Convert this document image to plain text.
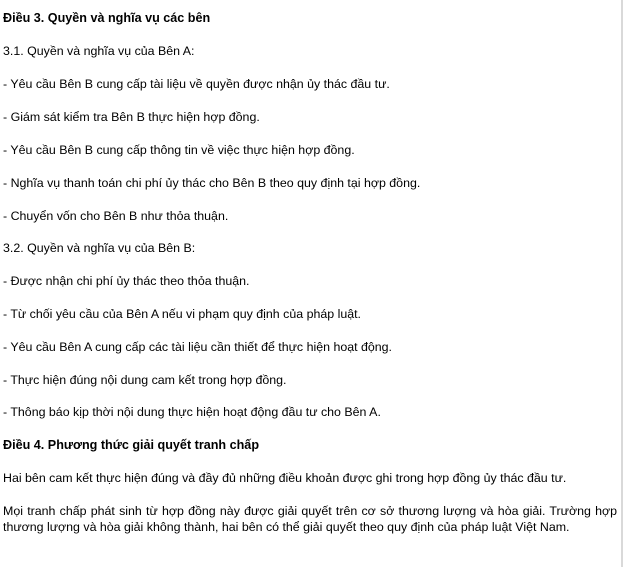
Điều 3. Quyền và nghĩa vụ các bên
3.1. Quyền và nghĩa vụ của Bên A:
- Yêu cầu Bên B cung cấp tài liệu về quyền được nhận ủy thác đầu tư.
- Giám sát kiểm tra Bên B thực hiện hợp đồng.
- Yêu cầu Bên B cung cấp thông tin về việc thực hiện hợp đồng.
- Nghĩa vụ thanh toán chi phí ủy thác cho Bên B theo quy định tại hợp đồng.
- Chuyển vốn cho Bên B như thỏa thuận.
3.2. Quyền và nghĩa vụ của Bên B:
- Được nhận chi phí ủy thác theo thỏa thuận.
- Từ chối yêu cầu của Bên A nếu vi phạm quy định của pháp luật.
- Yêu cầu Bên A cung cấp các tài liệu cần thiết để thực hiện hoạt động.
- Thực hiện đúng nội dung cam kết trong hợp đồng.
- Thông báo kịp thời nội dung thực hiện hoạt động đầu tư cho Bên A.
Điều 4. Phương thức giải quyết tranh chấp

Hai bên cam kết thực hiện đúng và đầy đủ những điều khoản được ghi trong hợp đồng ủy thác đầu tư.

Mọi tranh chấp phát sinh từ hợp đồng này được giải quyết trên cơ sở thương lượng và hòa giải. Trường hợp thương lượng và hòa giải không thành, hai bên có thể giải quyết theo quy định của pháp luật Việt Nam.
